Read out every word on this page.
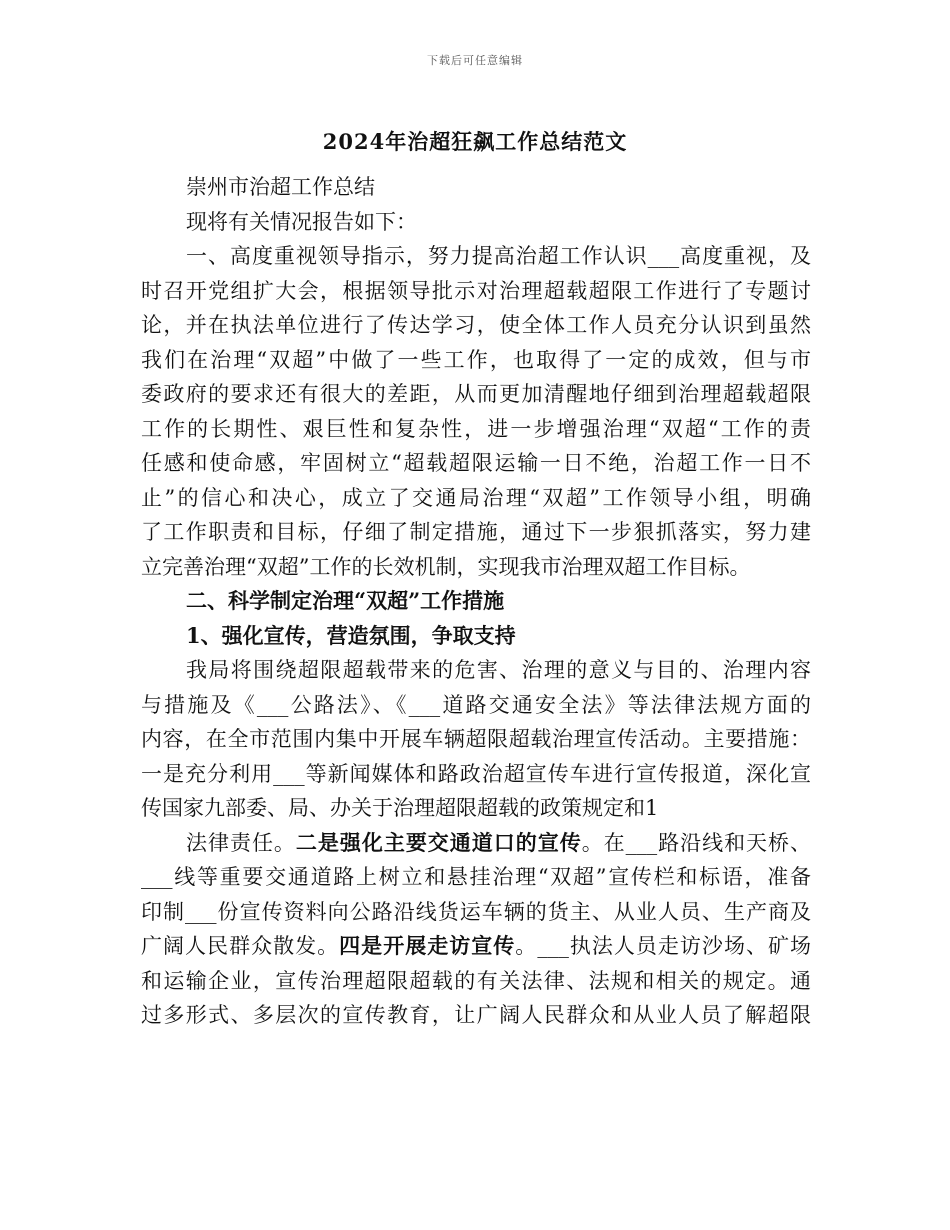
下载后可任意编辑
2024年治超狂飙工作总结范文
崇州市治超工作总结
现将有关情况报告如下：
一、高度重视领导指示，努力提高治超工作认识___高度重视，及
时召开党组扩大会，根据领导批示对治理超载超限工作进行了专题讨
论，并在执法单位进行了传达学习，使全体工作人员充分认识到虽然
我们在治理“双超”中做了一些工作，也取得了一定的成效，但与市
委政府的要求还有很大的差距，从而更加清醒地仔细到治理超载超限
工作的长期性、艰巨性和复杂性，进一步增强治理“双超“工作的责
任感和使命感，牢固树立“超载超限运输一日不绝，治超工作一日不
止”的信心和决心，成立了交通局治理“双超”工作领导小组，明确
了工作职责和目标，仔细了制定措施，通过下一步狠抓落实，努力建
立完善治理“双超”工作的长效机制，实现我市治理双超工作目标。
二、科学制定治理“双超”工作措施
1、强化宣传，营造氛围，争取支持
我局将围绕超限超载带来的危害、治理的意义与目的、治理内容
与措施及《___公路法》、《___道路交通安全法》等法律法规方面的
内容，在全市范围内集中开展车辆超限超载治理宣传活动。主要措施：
一是充分利用___等新闻媒体和路政治超宣传车进行宣传报道，深化宣
传国家九部委、局、办关于治理超限超载的政策规定和1
法律责任。二是强化主要交通道口的宣传。在___路沿线和天桥、
___线等重要交通道路上树立和悬挂治理“双超”宣传栏和标语，准备
印制___份宣传资料向公路沿线货运车辆的货主、从业人员、生产商及
广阔人民群众散发。四是开展走访宣传。___执法人员走访沙场、矿场
和运输企业，宣传治理超限超载的有关法律、法规和相关的规定。通
过多形式、多层次的宣传教育，让广阔人民群众和从业人员了解超限
